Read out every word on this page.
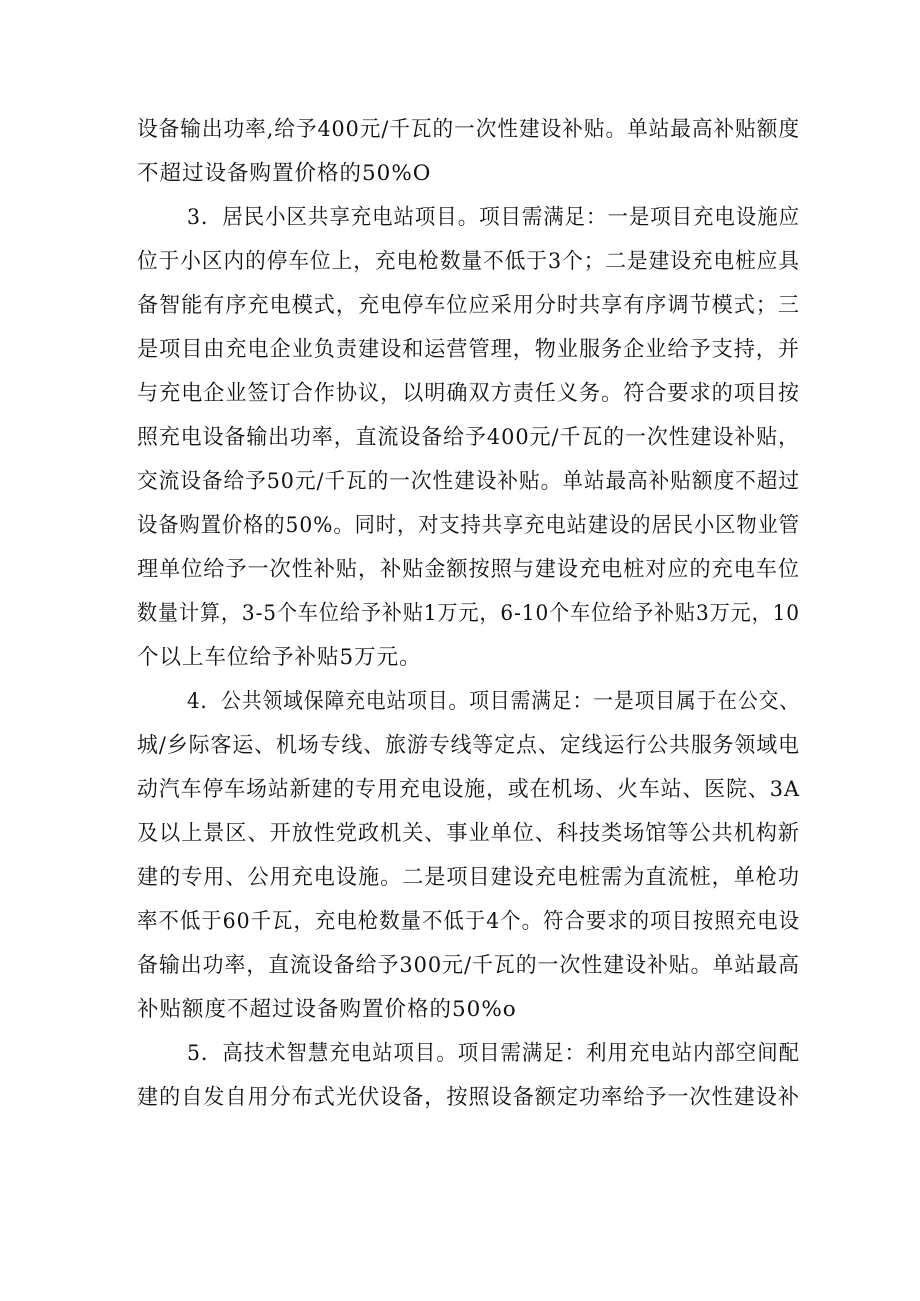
设备输出功率,给予400元/千瓦的一次性建设补贴。单站最高补贴额度
不超过设备购置价格的50%O
3．居民小区共享充电站项目。项目需满足：一是项目充电设施应
位于小区内的停车位上，充电枪数量不低于3个；二是建设充电桩应具
备智能有序充电模式，充电停车位应采用分时共享有序调节模式；三
是项目由充电企业负责建设和运营管理，物业服务企业给予支持，并
与充电企业签订合作协议，以明确双方责任义务。符合要求的项目按
照充电设备输出功率，直流设备给予400元/千瓦的一次性建设补贴，
交流设备给予50元/千瓦的一次性建设补贴。单站最高补贴额度不超过
设备购置价格的50%。同时，对支持共享充电站建设的居民小区物业管
理单位给予一次性补贴，补贴金额按照与建设充电桩对应的充电车位
数量计算，3-5个车位给予补贴1万元，6-10个车位给予补贴3万元，10
个以上车位给予补贴5万元。
4．公共领域保障充电站项目。项目需满足：一是项目属于在公交、
城/乡际客运、机场专线、旅游专线等定点、定线运行公共服务领域电
动汽车停车场站新建的专用充电设施，或在机场、火车站、医院、3A
及以上景区、开放性党政机关、事业单位、科技类场馆等公共机构新
建的专用、公用充电设施。二是项目建设充电桩需为直流桩，单枪功
率不低于60千瓦，充电枪数量不低于4个。符合要求的项目按照充电设
备输出功率，直流设备给予300元/千瓦的一次性建设补贴。单站最高
补贴额度不超过设备购置价格的50%o
5．高技术智慧充电站项目。项目需满足：利用充电站内部空间配
建的自发自用分布式光伏设备，按照设备额定功率给予一次性建设补
